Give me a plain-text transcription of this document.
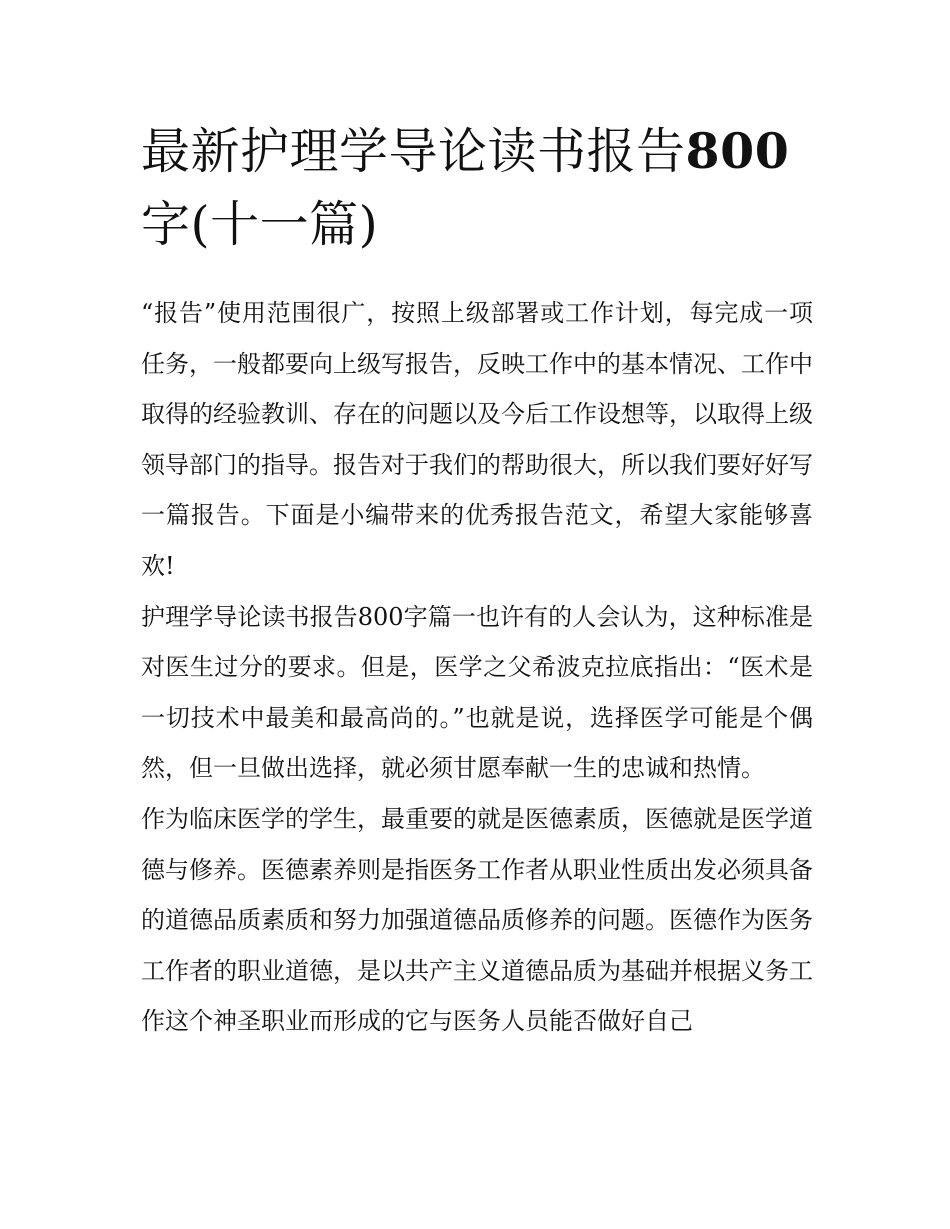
最新护理学导论读书报告800字(十一篇)

“报告”使用范围很广，按照上级部署或工作计划，每完成一项任务，一般都要向上级写报告，反映工作中的基本情况、工作中取得的经验教训、存在的问题以及今后工作设想等，以取得上级领导部门的指导。报告对于我们的帮助很大，所以我们要好好写一篇报告。下面是小编带来的优秀报告范文，希望大家能够喜欢!

护理学导论读书报告800字篇一也许有的人会认为，这种标准是对医生过分的要求。但是，医学之父希波克拉底指出：“医术是一切技术中最美和最高尚的。”也就是说，选择医学可能是个偶然，但一旦做出选择，就必须甘愿奉献一生的忠诚和热情。

作为临床医学的学生，最重要的就是医德素质，医德就是医学道德与修养。医德素养则是指医务工作者从职业性质出发必须具备的道德品质素质和努力加强道德品质修养的问题。医德作为医务工作者的职业道德，是以共产主义道德品质为基础并根据义务工作这个神圣职业而形成的它与医务人员能否做好自己
